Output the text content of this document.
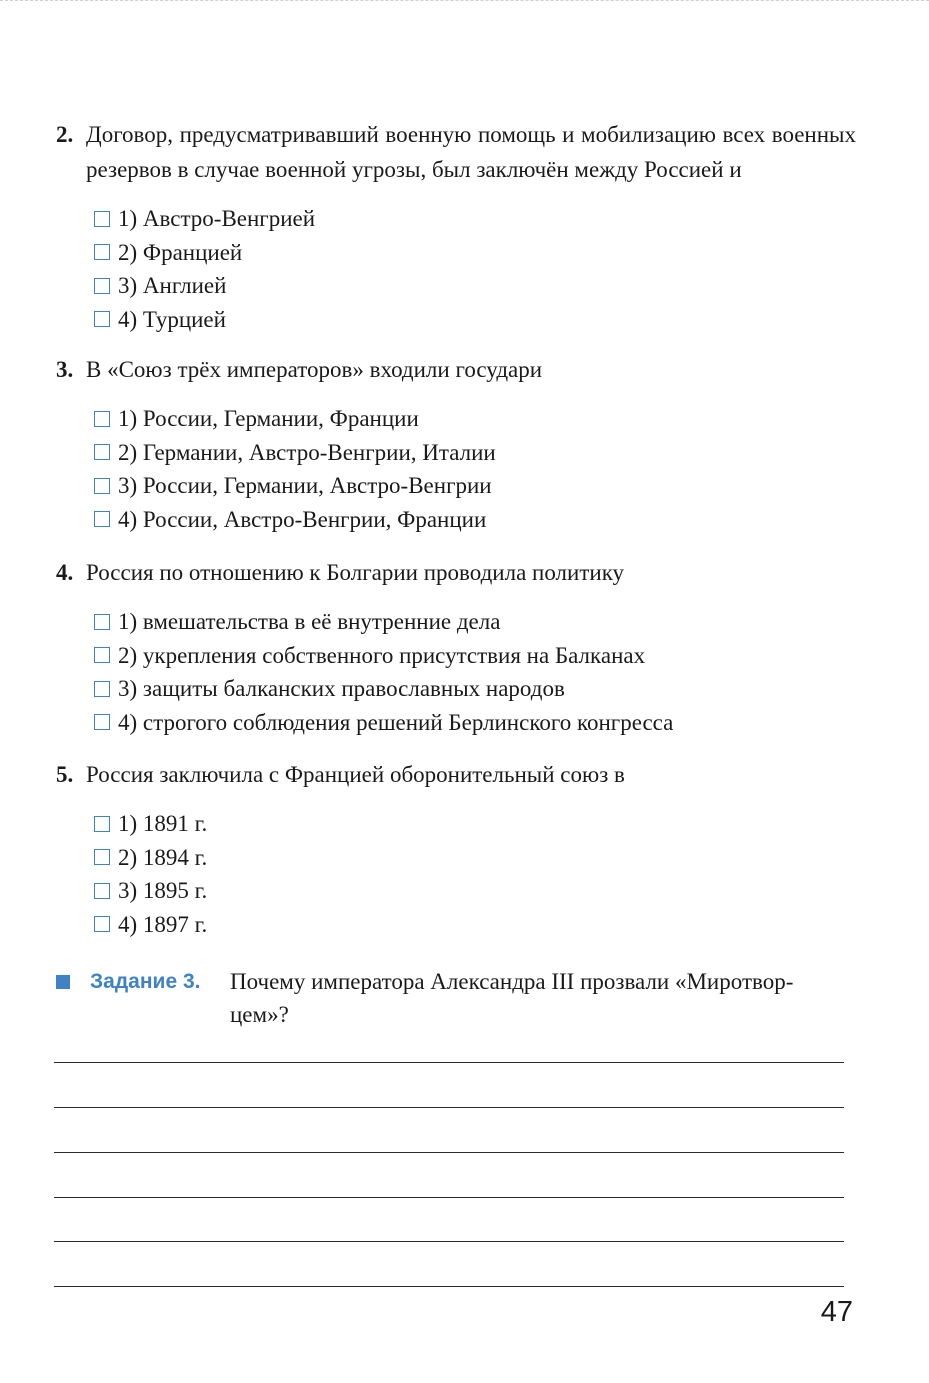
2. Договор, предусматривавший военную помощь и мобилизацию всех военных резервов в случае военной угрозы, был заключён между Россией и
1) Австро-Венгрией
2) Францией
3) Англией
4) Турцией
3. В «Союз трёх императоров» входили государи
1) России, Германии, Франции
2) Германии, Австро-Венгрии, Италии
3) России, Германии, Австро-Венгрии
4) России, Австро-Венгрии, Франции
4. Россия по отношению к Болгарии проводила политику
1) вмешательства в её внутренние дела
2) укрепления собственного присутствия на Балканах
3) защиты балканских православных народов
4) строгого соблюдения решений Берлинского конгресса
5. Россия заключила с Францией оборонительный союз в
1) 1891 г.
2) 1894 г.
3) 1895 г.
4) 1897 г.
Задание 3. Почему императора Александра III прозвали «Миротвор-
цем»?
47
